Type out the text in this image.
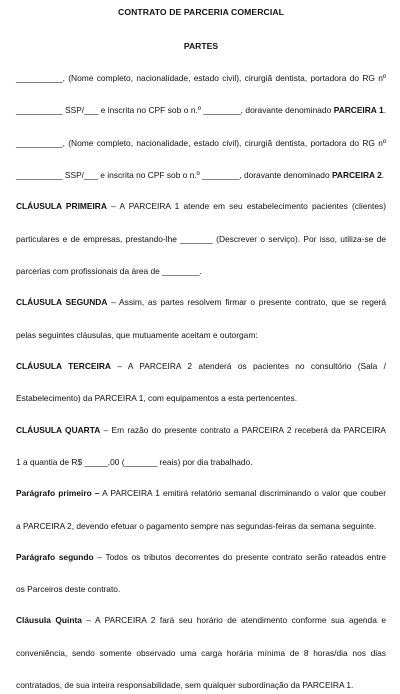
CONTRATO DE PARCERIA COMERCIAL

PARTES

__________, (Nome completo, nacionalidade, estado civil), cirurgiã dentista, portadora do RG nº

__________ SSP/___ e inscrita no CPF sob o n.º ________, doravante denominado PARCEIRA 1.

__________, (Nome completo, nacionalidade, estado civil), cirurgiã dentista, portadora do RG nº

__________ SSP/___ e inscrita no CPF sob o n.º ________, doravante denominado PARCEIRA 2.

CLÁUSULA PRIMEIRA – A PARCEIRA 1 atende em seu estabelecimento pacientes (clientes)

particulares e de empresas, prestando-lhe _______ (Descrever o serviço). Por isso, utiliza-se de

parcerias com profissionais da área de ________.

CLÁUSULA SEGUNDA – Assim, as partes resolvem firmar o presente contrato, que se regerá

pelas seguintes cláusulas, que mutuamente aceitam e outorgam:

CLÁUSULA TERCEIRA – A PARCEIRA 2 atenderá os pacientes no consultório (Sala /

Estabelecimento) da PARCEIRA 1, com equipamentos a esta pertencentes.

CLÁUSULA QUARTA – Em razão do presente contrato a PARCEIRA 2 receberá da PARCEIRA

1 a quantia de R$ _____,00 (_______ reais) por dia trabalhado.

Parágrafo primeiro – A PARCEIRA 1 emitirá relatório semanal discriminando o valor que couber

a PARCEIRA 2, devendo efetuar o pagamento sempre nas segundas-feiras da semana seguinte.

Parágrafo segundo – Todos os tributos decorrentes do presente contrato serão rateados entre

os Parceiros deste contrato.

Cláusula Quinta – A PARCEIRA 2 fará seu horário de atendimento conforme sua agenda e

conveniência, sendo somente observado uma carga horária mínima de 8 horas/dia nos dias

contratados, de sua inteira responsabilidade, sem qualquer subordinação da PARCEIRA 1.
